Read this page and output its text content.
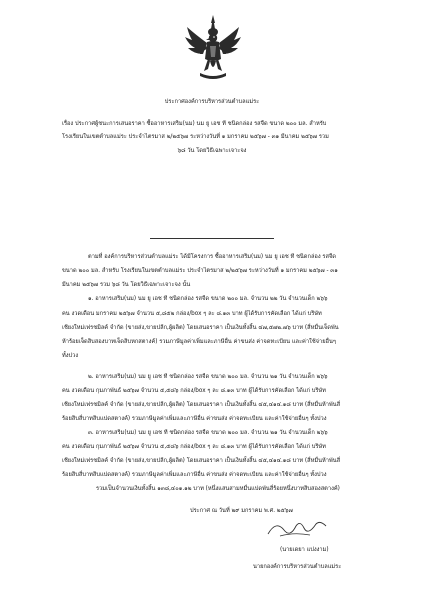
ประกาศองค์การบริหารส่วนตำบลแม่ระ
เรื่อง ประกาศผู้ชนะการเสนอราคา ซื้ออาหารเสริม(นม) นม ยู เอช ที ชนิดกล่อง รสจืด ขนาด ๒๐๐ มล. สำหรับ
โรงเรียนในเขตตำบลแม่ระ ประจำไตรมาส ๒/๒๕๖๗ ระหว่างวันที่ ๑ มกราคม ๒๕๖๗ - ๓๑ มีนาคม ๒๕๖๗ รวม
๖๘ วัน โดยวิธีเฉพาะเจาะจง
ตามที่ องค์การบริหารส่วนตำบลแม่ระ ได้มีโครงการ ซื้ออาหารเสริม(นม) นม ยู เอช ที ชนิดกล่อง รสจืด
ขนาด ๒๐๐ มล. สำหรับ โรงเรียนในเขตตำบลแม่ระ ประจำไตรมาส ๒/๒๕๖๗ ระหว่างวันที่ ๑ มกราคม ๒๕๖๗ - ๓๑
มีนาคม ๒๕๖๗ รวม ๖๘ วัน โดยวิธีเฉพาะเจาะจง นั้น
๑. อาหารเสริม(นม) นม ยู เอช ที ชนิดกล่อง รสจืด ขนาด ๒๐๐ มล. จำนวน ๒๒ วัน จำนวนเด็ก ๒๖๖
คน งวดเดือน มกราคม ๒๕๖๗ จำนวน ๕,๘๕๒ กล่อง/box ๆ ละ ๘.๑๓ บาท ผู้ได้รับการคัดเลือก ได้แก่ บริษัท
เชียงใหม่เฟรชมิลค์ จำกัด (ขายส่ง,ขายปลีก,ผู้ผลิต) โดยเสนอราคา เป็นเงินทั้งสิ้น ๔๗,๕๗๒.๗๖ บาท (สี่หมื่นเจ็ดพัน
ห้าร้อยเจ็ดสิบสองบาทเจ็ดสิบหกสตางค์) รวมภาษีมูลค่าเพิ่มและภาษีอื่น ค่าขนส่ง ค่าจดทะเบียน และค่าใช้จ่ายอื่นๆ
ทั้งปวง
๒. อาหารเสริม(นม) นม ยู เอช ที ชนิดกล่อง รสจืด ขนาด ๒๐๐ มล. จำนวน ๒๑ วัน จำนวนเด็ก ๒๖๖
คน งวดเดือน กุมภาพันธ์ ๒๕๖๗ จำนวน ๕,๕๘๖ กล่อง/box ๆ ละ ๘.๑๓ บาท ผู้ได้รับการคัดเลือก ได้แก่ บริษัท
เชียงใหม่เฟรชมิลค์ จำกัด (ขายส่ง,ขายปลีก,ผู้ผลิต) โดยเสนอราคา เป็นเงินทั้งสิ้น ๔๕,๔๑๔.๑๘ บาท (สี่หมื่นห้าพันสี่
ร้อยสิบสี่บาทสิบแปดสตางค์) รวมภาษีมูลค่าเพิ่มและภาษีอื่น ค่าขนส่ง ค่าจดทะเบียน และค่าใช้จ่ายอื่นๆ ทั้งปวง
๓. อาหารเสริม(นม) นม ยู เอช ที ชนิดกล่อง รสจืด ขนาด ๒๐๐ มล. จำนวน ๒๑ วัน จำนวนเด็ก ๒๖๖
คน งวดเดือน กุมภาพันธ์ ๒๕๖๗ จำนวน ๕,๕๘๖ กล่อง/box ๆ ละ ๘.๑๓ บาท ผู้ได้รับการคัดเลือก ได้แก่ บริษัท
เชียงใหม่เฟรชมิลค์ จำกัด (ขายส่ง,ขายปลีก,ผู้ผลิต) โดยเสนอราคา เป็นเงินทั้งสิ้น ๔๕,๔๑๔.๑๘ บาท (สี่หมื่นห้าพันสี่
ร้อยสิบสี่บาทสิบแปดสตางค์) รวมภาษีมูลค่าเพิ่มและภาษีอื่น ค่าขนส่ง ค่าจดทะเบียน และค่าใช้จ่ายอื่นๆ ทั้งปวง
รวมเป็นจำนวนเงินทั้งสิ้น ๑๓๘,๔๐๑.๑๒ บาท (หนึ่งแสนสามหมื่นแปดพันสี่ร้อยหนึ่งบาทสิบสองสตางค์)
ประกาศ ณ วันที่ ๒๙ มกราคม พ.ศ. ๒๕๖๗
(นายเดยา แปงงาม)
นายกองค์การบริหารส่วนตำบลแม่ระ
